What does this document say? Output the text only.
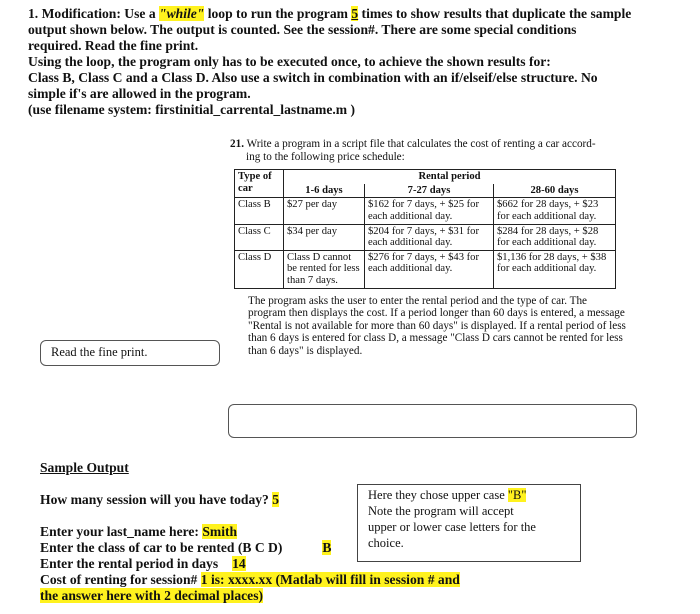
1. Modification: Use a "while" loop to run the program 5 times to show results that duplicate the sample

output shown below. The output is counted. See the session#. There are some special conditions

required. Read the fine print.

Using the loop, the program only has to be executed once, to achieve the shown results for:

Class B, Class C and a Class D. Also use a switch in combination with an if/elseif/else structure. No

simple if's are allowed in the program.

(use filename system: firstinitial_carrental_lastname.m )

21. Write a program in a script file that calculates the cost of renting a car accord-
ing to the following price schedule:

Type of car	Rental period		
	1-6 days	7-27 days	28-60 days
Class B	$27 per day	$162 for 7 days, + $25 for each additional day.	$662 for 28 days, + $23 for each additional day.
Class C	$34 per day	$204 for 7 days, + $31 for each additional day.	$284 for 28 days, + $28 for each additional day.
Class D	Class D cannot be rented for less than 7 days.	$276 for 7 days, + $43 for each additional day.	$1,136 for 28 days, + $38 for each additional day.

The program asks the user to enter the rental period and the type of car. The program then displays the cost. If a period longer than 60 days is entered, a message "Rental is not available for more than 60 days" is displayed. If a rental period of less than 6 days is entered for class D, a message "Class D cars cannot be rented for less than 6 days" is displayed.

Read the fine print.
Sample Output
How many session will you have today? 5
Enter your last_name here: Smith
Enter the class of car to be rented (B C D)	B
Enter the rental period in days 14
Cost of renting for session# 1 is: xxxx.xx (Matlab will fill in session # and
the answer here with 2 decimal places)
Here they chose upper case "B"
Note the program will accept
upper or lower case letters for the
choice.
